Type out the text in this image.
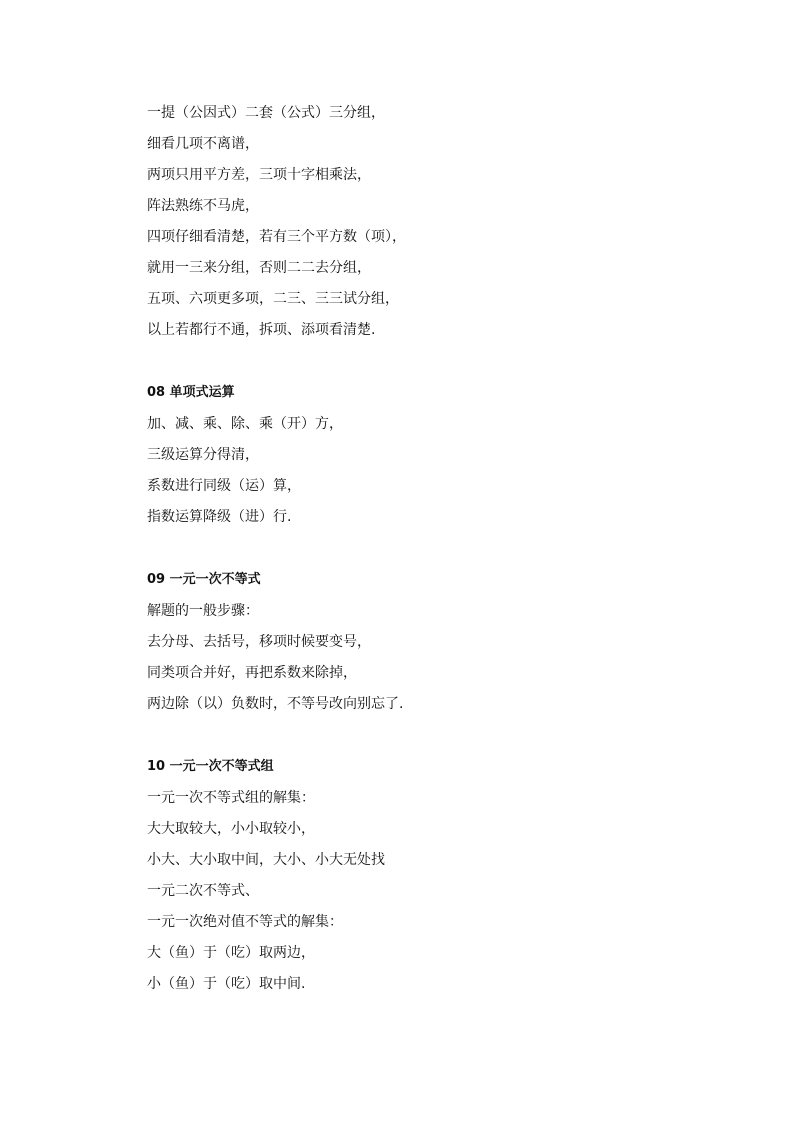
一提（公因式）二套（公式）三分组，
细看几项不离谱，
两项只用平方差，三项十字相乘法，
阵法熟练不马虎，
四项仔细看清楚，若有三个平方数（项），
就用一三来分组，否则二二去分组，
五项、六项更多项，二三、三三试分组，
以上若都行不通，拆项、添项看清楚.
08 单项式运算
加、减、乘、除、乘（开）方，
三级运算分得清，
系数进行同级（运）算，
指数运算降级（进）行.
09 一元一次不等式
解题的一般步骤：
去分母、去括号，移项时候要变号，
同类项合并好，再把系数来除掉，
两边除（以）负数时，不等号改向别忘了.
10 一元一次不等式组
一元一次不等式组的解集：
大大取较大，小小取较小，
小大、大小取中间，大小、小大无处找
一元二次不等式、
一元一次绝对值不等式的解集：
大（鱼）于（吃）取两边，
小（鱼）于（吃）取中间.
